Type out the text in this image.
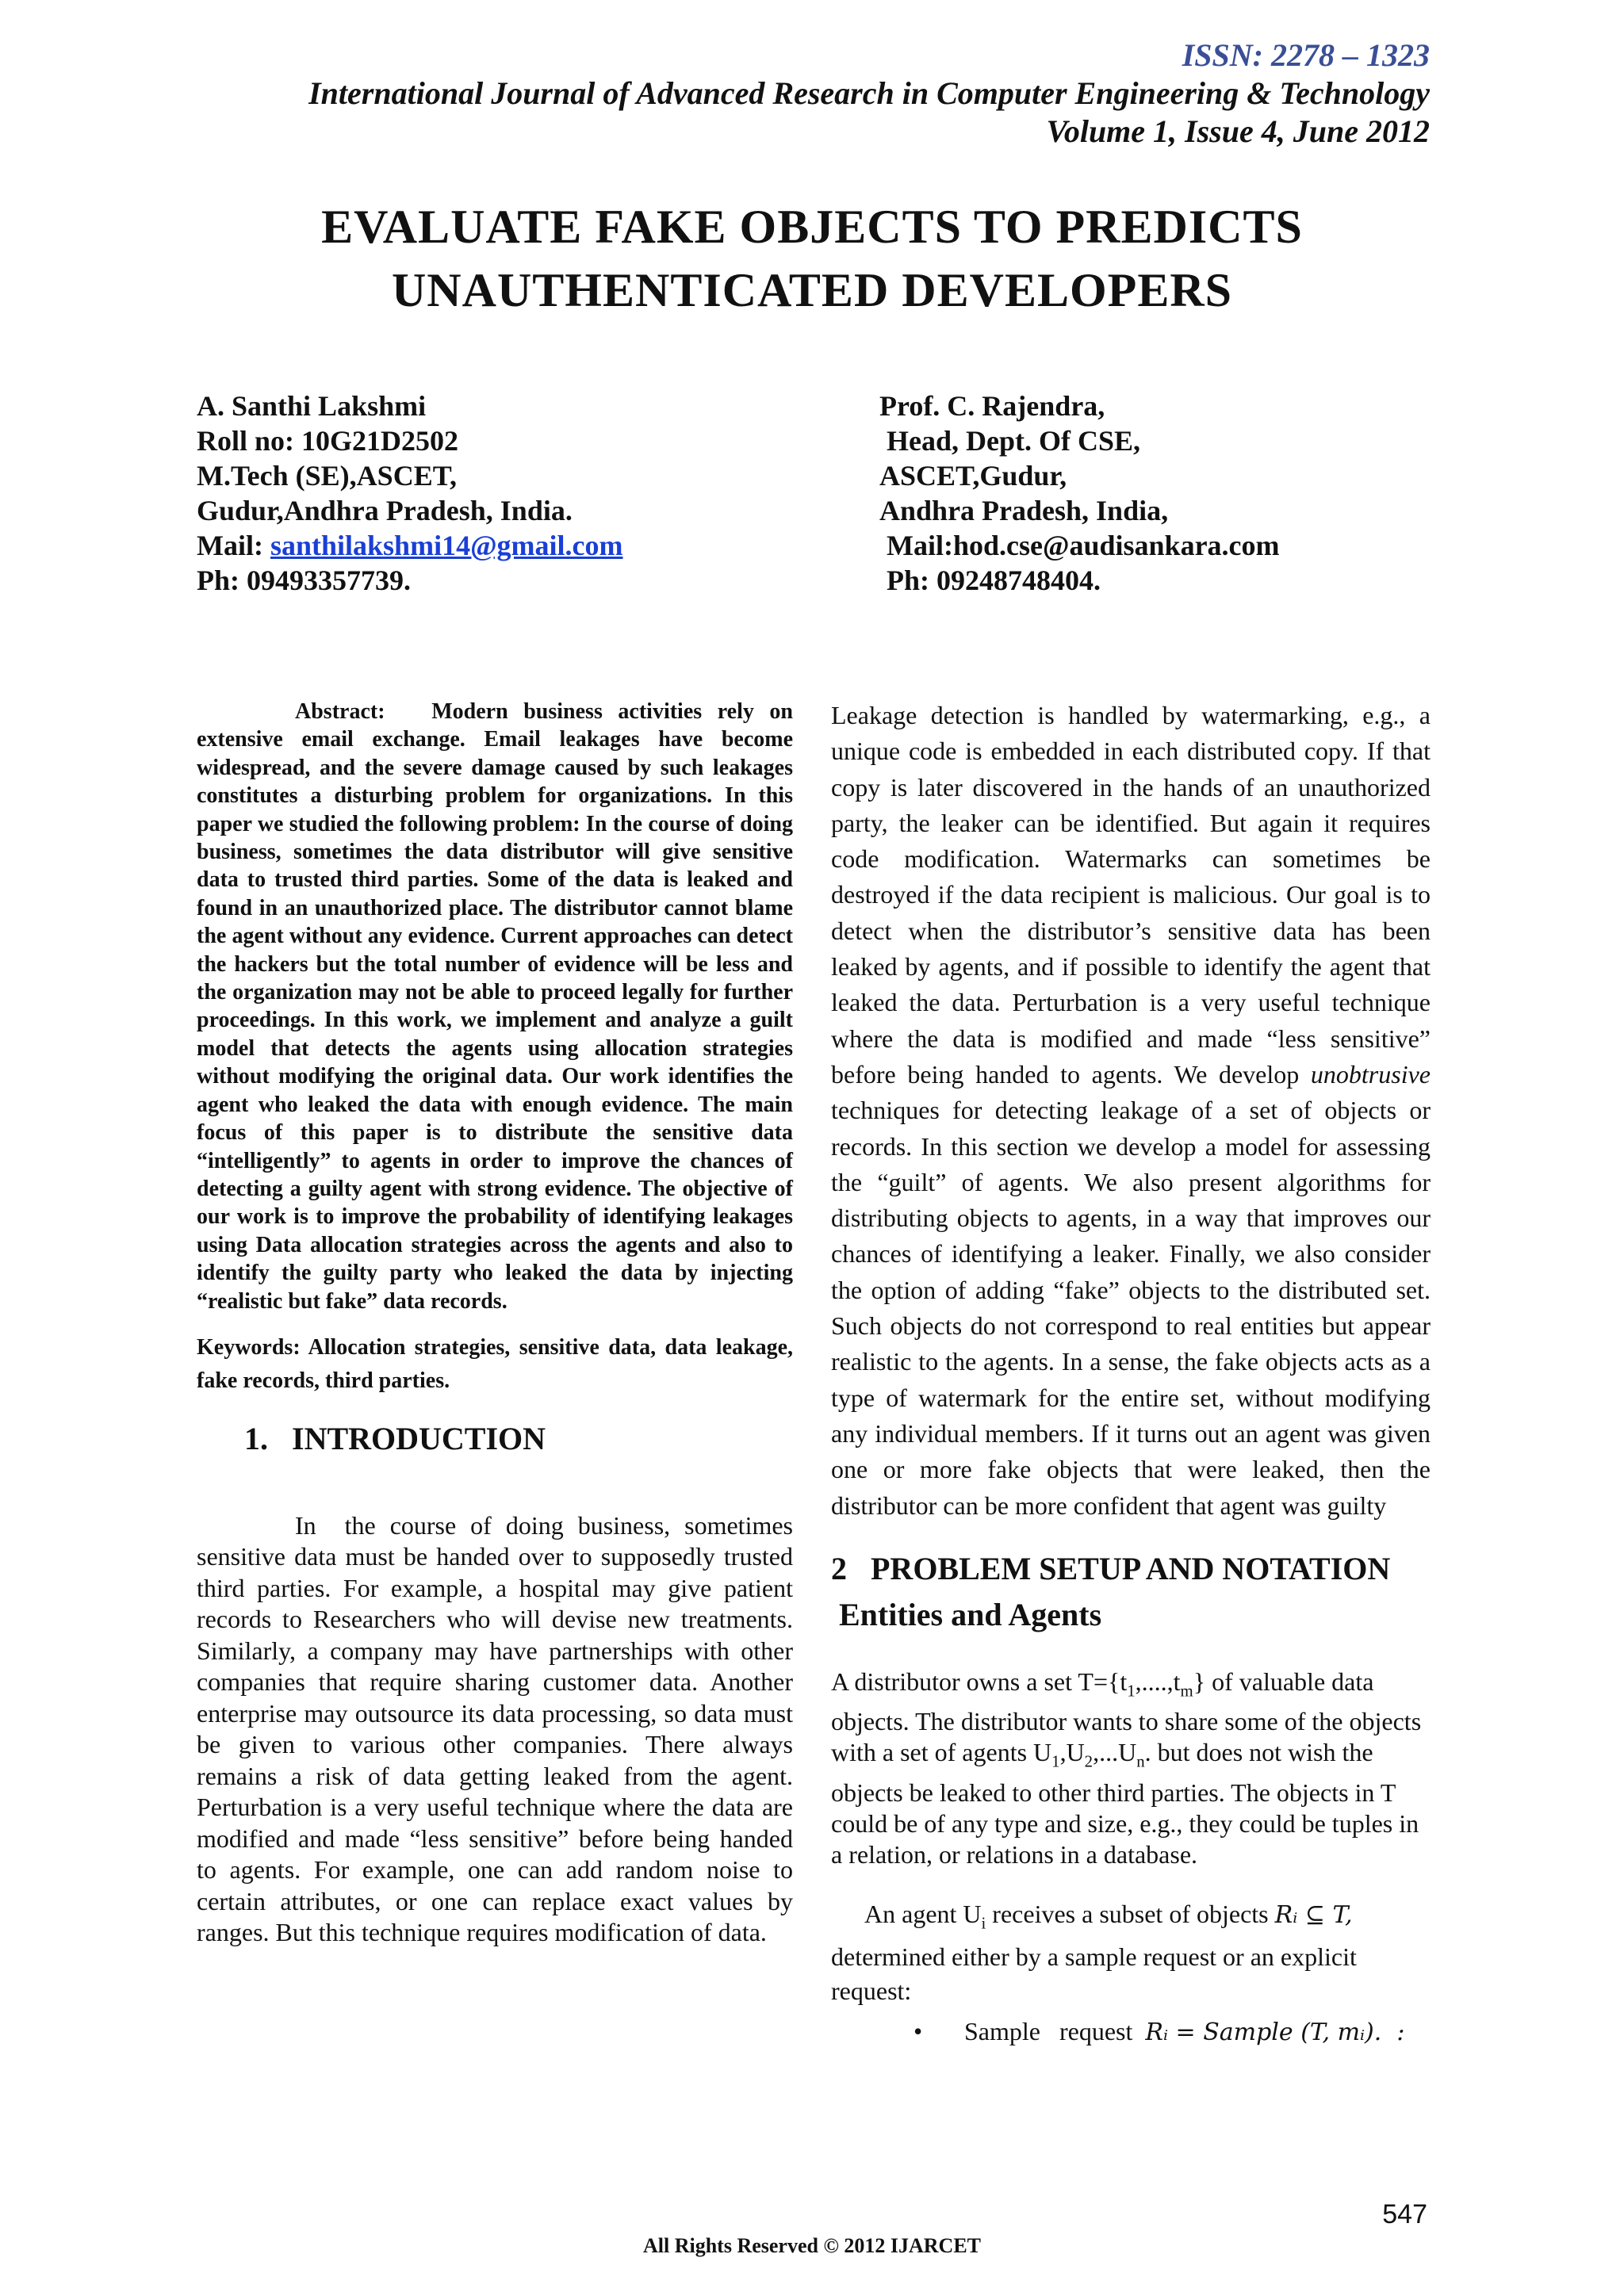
ISSN: 2278 – 1323
International Journal of Advanced Research in Computer Engineering & Technology
Volume 1, Issue 4, June 2012
EVALUATE FAKE OBJECTS TO PREDICTS
UNAUTHENTICATED DEVELOPERS
A. Santhi Lakshmi
Roll no: 10G21D2502
M.Tech (SE),ASCET,
Gudur,Andhra Pradesh, India.
Mail: santhilakshmi14@gmail.com
Ph: 09493357739.
Prof. C. Rajendra,
Head, Dept. Of CSE,
ASCET,Gudur,
Andhra Pradesh, India,
Mail:hod.cse@audisankara.com
Ph: 09248748404.

Abstract:   Modern business activities rely on extensive email exchange. Email leakages have become widespread, and the severe damage caused by such leakages constitutes a disturbing problem for organizations. In this paper we studied the following problem: In the course of doing business, sometimes the data distributor will give sensitive data to trusted third parties. Some of the data is leaked and found in an unauthorized place. The distributor cannot blame the agent without any evidence. Current approaches can detect the hackers but the total number of evidence will be less and the organization may not be able to proceed legally for further proceedings. In this work, we implement and analyze a guilt model that detects the agents using allocation strategies without modifying the original data. Our work identifies the agent who leaked the data with enough evidence. The main focus of this paper is to distribute the sensitive data “intelligently” to agents in order to improve the chances of detecting a guilty agent with strong evidence. The objective of our work is to improve the probability of identifying leakages using Data allocation strategies across the agents and also to identify the guilty party who leaked the data by injecting “realistic but fake” data records.

Keywords: Allocation strategies, sensitive data, data leakage, fake records, third parties.

1.   INTRODUCTION

In  the course of doing business, sometimes sensitive data must be handed over to supposedly trusted third parties. For example, a hospital may give patient records to Researchers who will devise new treatments. Similarly, a company may have partnerships with other companies that require sharing customer data. Another enterprise may outsource its data processing, so data must be given to various other companies. There always remains a risk of data getting leaked from the agent.  Perturbation is a very useful technique where the data are modified and made “less sensitive” before being handed to agents. For example, one can add random noise to certain attributes, or one can replace exact values by ranges. But this technique requires modification of data.

Leakage detection is handled by watermarking, e.g., a unique code is embedded in each distributed copy. If that copy is later discovered in the hands of an unauthorized party, the leaker can be identified. But again it requires code modification. Watermarks can sometimes be destroyed if the data recipient is malicious. Our goal is to detect when the distributor’s sensitive data has been leaked by agents, and if possible to identify the agent that leaked the data. Perturbation is a very useful technique where the data is modified and made “less sensitive” before being handed to agents. We develop unobtrusive techniques for detecting leakage of a set of objects or records. In this section we develop a model for assessing the “guilt” of agents. We also present algorithms for distributing objects to agents, in a way that improves our chances of identifying a leaker. Finally, we also consider the option of adding “fake” objects to the distributed set. Such objects do not correspond to real entities but appear realistic to the agents. In a sense, the fake objects acts as a type of watermark for the entire set, without modifying any individual members. If it turns out an agent was given one or more fake objects that were leaked, then the distributor can be more confident that agent was guilty

2   PROBLEM SETUP AND NOTATION
Entities and Agents

A distributor owns a set $T=\{t_1,....,t_m\}$ of valuable data objects. The distributor wants to share some of the objects with a set of agents $U_1,U_2,...U_n$. but does not wish the objects be leaked to other third parties. The objects in T could be of any type and size, e.g., they could be tuples in a relation, or relations in a database.

An agent $U_i$ receives a subset of objects Rᵢ ⊆ T,
determined either by a sample request or an explicit request:

•	Sample   request  Rᵢ = Sample (T, mᵢ).  :
547
All Rights Reserved © 2012 IJARCET
